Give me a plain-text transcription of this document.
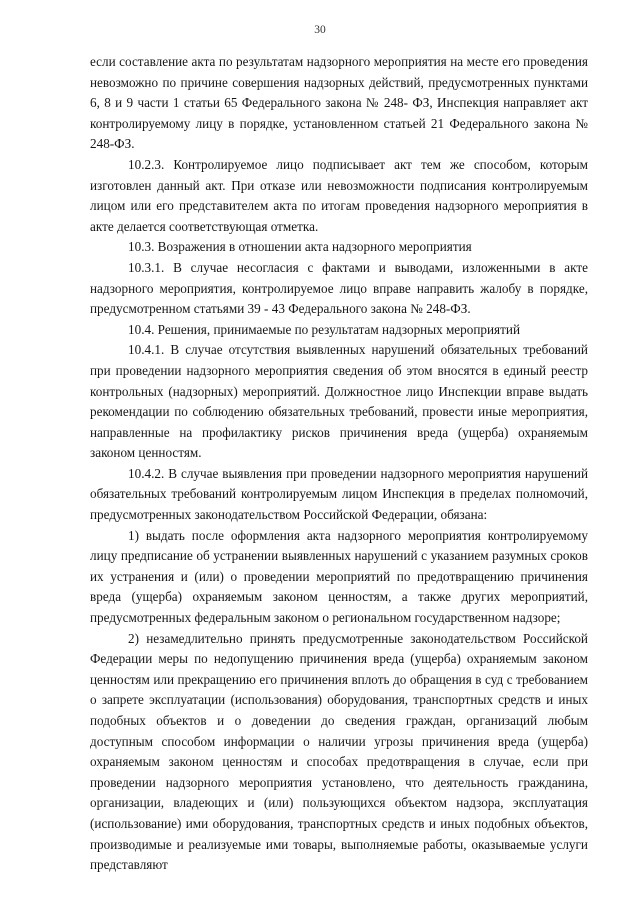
30

если составление акта по результатам надзорного мероприятия на месте его проведения невозможно по причине совершения надзорных действий, предусмотренных пунктами 6, 8 и 9 части 1 статьи 65 Федерального закона № 248- ФЗ, Инспекция направляет акт контролируемому лицу в порядке, установленном статьей 21 Федерального закона № 248-ФЗ.

10.2.3. Контролируемое лицо подписывает акт тем же способом, которым изготовлен данный акт. При отказе или невозможности подписания контролируемым лицом или его представителем акта по итогам проведения надзорного мероприятия в акте делается соответствующая отметка.

10.3. Возражения в отношении акта надзорного мероприятия

10.3.1. В случае несогласия с фактами и выводами, изложенными в акте надзорного мероприятия, контролируемое лицо вправе направить жалобу в порядке, предусмотренном статьями 39 - 43 Федерального закона № 248-ФЗ.

10.4. Решения, принимаемые по результатам надзорных мероприятий

10.4.1. В случае отсутствия выявленных нарушений обязательных требований при проведении надзорного мероприятия сведения об этом вносятся в единый реестр контрольных (надзорных) мероприятий. Должностное лицо Инспекции вправе выдать рекомендации по соблюдению обязательных требований, провести иные мероприятия, направленные на профилактику рисков причинения вреда (ущерба) охраняемым законом ценностям.

10.4.2. В случае выявления при проведении надзорного мероприятия нарушений обязательных требований контролируемым лицом Инспекция в пределах полномочий, предусмотренных законодательством Российской Федерации, обязана:

1) выдать после оформления акта надзорного мероприятия контролируемому лицу предписание об устранении выявленных нарушений с указанием разумных сроков их устранения и (или) о проведении мероприятий по предотвращению причинения вреда (ущерба) охраняемым законом ценностям, а также других мероприятий, предусмотренных федеральным законом о региональном государственном надзоре;

2) незамедлительно принять предусмотренные законодательством Российской Федерации меры по недопущению причинения вреда (ущерба) охраняемым законом ценностям или прекращению его причинения вплоть до обращения в суд с требованием о запрете эксплуатации (использования) оборудования, транспортных средств и иных подобных объектов и о доведении до сведения граждан, организаций любым доступным способом информации о наличии угрозы причинения вреда (ущерба) охраняемым законом ценностям и способах предотвращения в случае, если при проведении надзорного мероприятия установлено, что деятельность гражданина, организации, владеющих и (или) пользующихся объектом надзора, эксплуатация (использование) ими оборудования, транспортных средств и иных подобных объектов, производимые и реализуемые ими товары, выполняемые работы, оказываемые услуги представляют
